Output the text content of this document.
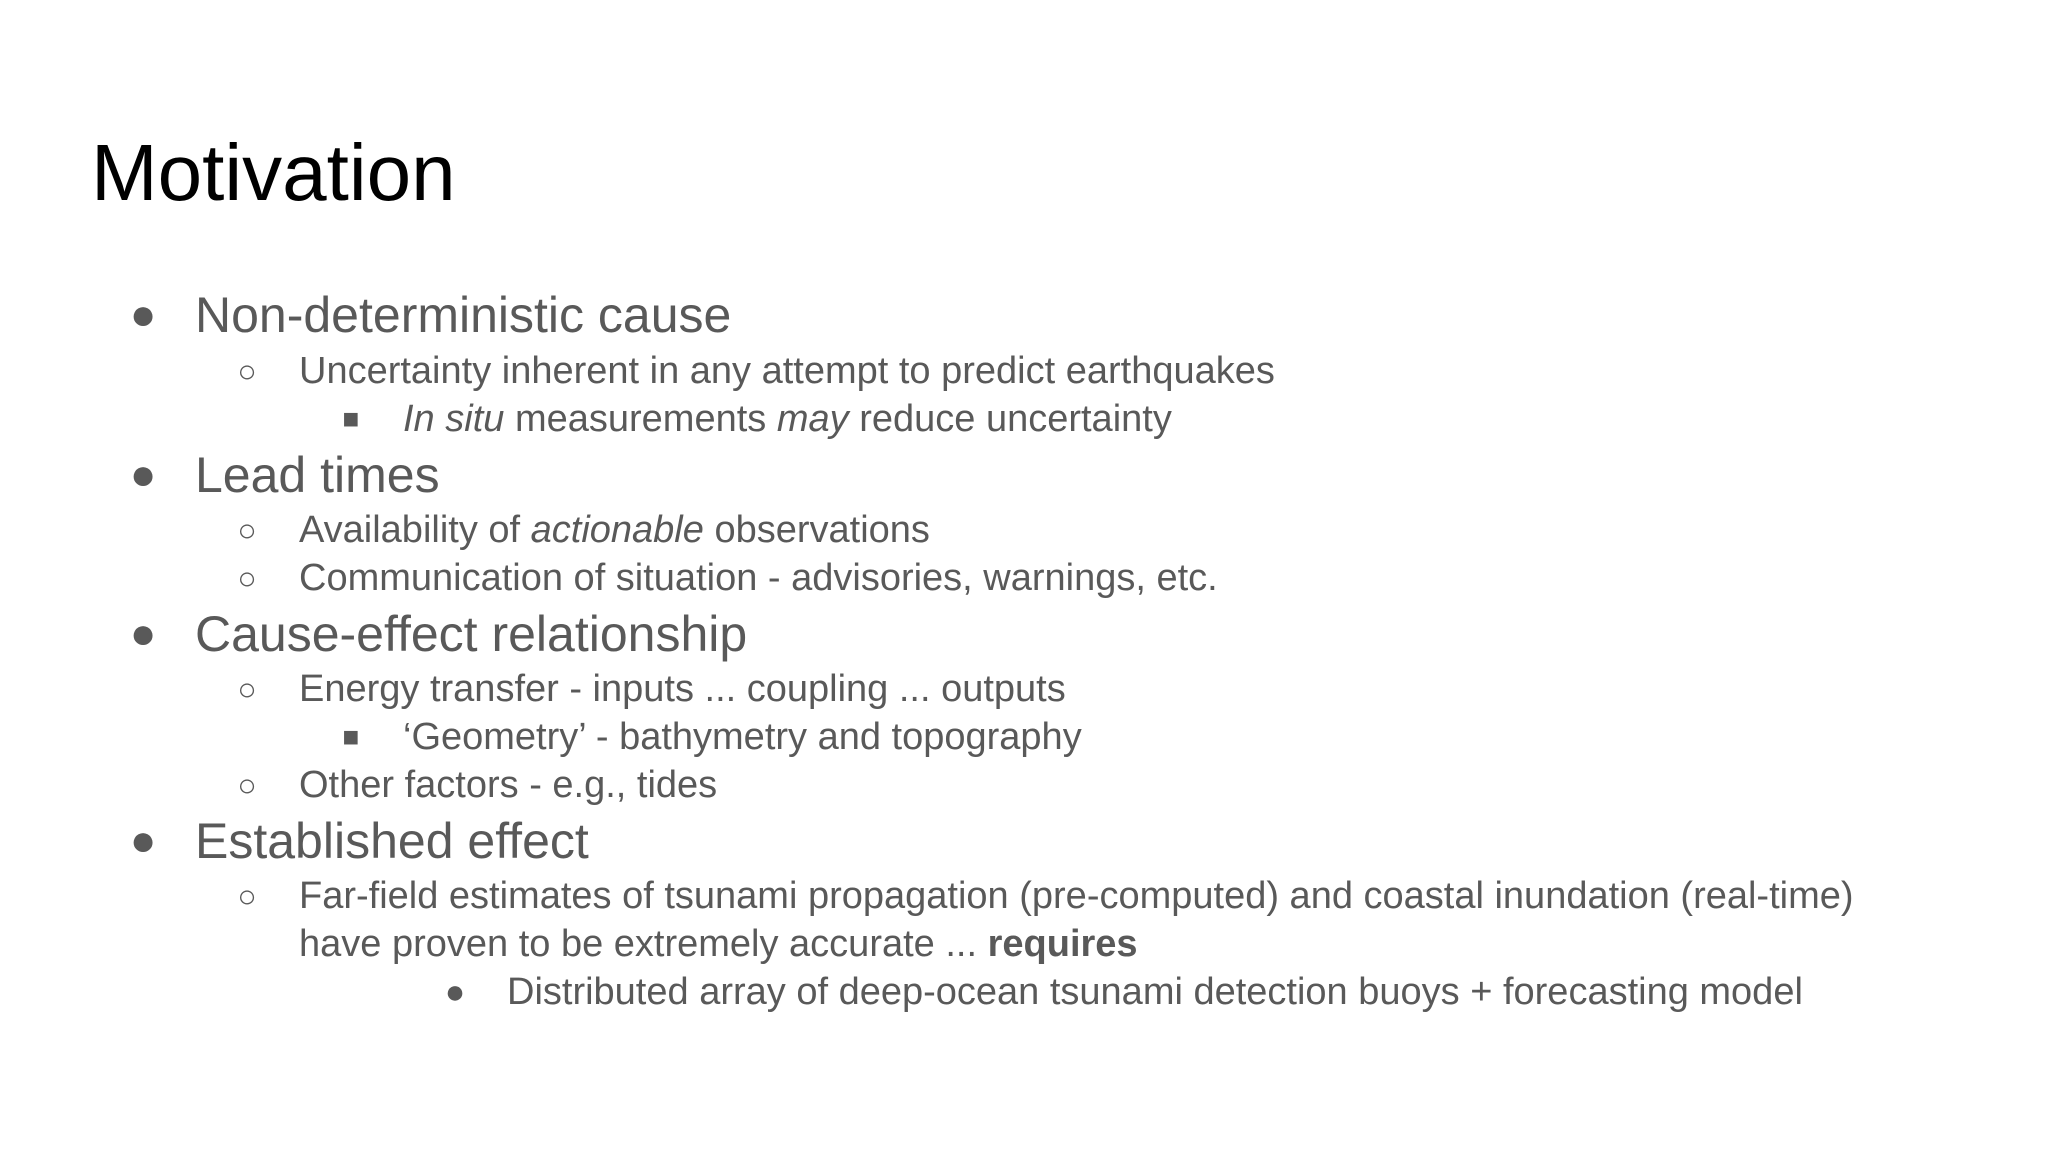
Motivation
● Non-deterministic cause
○ Uncertainty inherent in any attempt to predict earthquakes
■	In situ measurements may reduce uncertainty
● Lead times
○ Availability of actionable observations
○ Communication of situation - advisories, warnings, etc.
● Cause-effect relationship
○ Energy transfer - inputs ... coupling ... outputs
■	‘Geometry’ - bathymetry and topography
○ Other factors - e.g., tides
● Established effect
○ Far-field estimates of tsunami propagation (pre-computed) and coastal inundation (real-time)
have proven to be extremely accurate ... requires
● Distributed array of deep-ocean tsunami detection buoys + forecasting model
